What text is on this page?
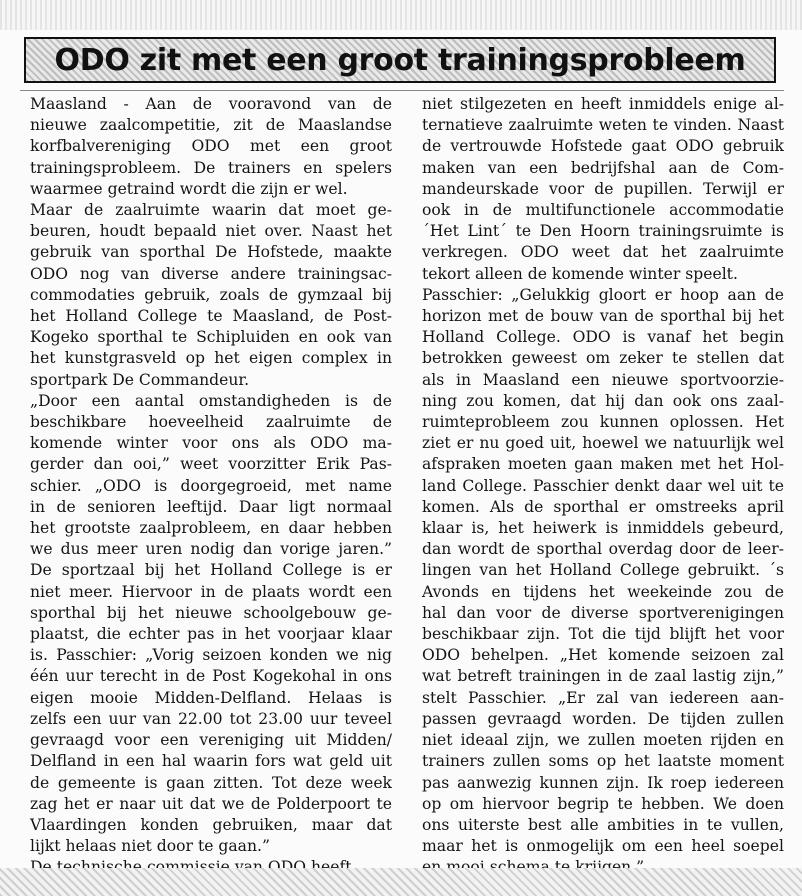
ODO zit met een groot trainingsprobleem
Maasland - Aan de vooravond van de
nieuwe zaalcompetitie, zit de Maaslandse
korfbalvereniging ODO met een groot
trainingsprobleem. De trainers en spelers
waarmee getraind wordt die zijn er wel.
Maar de zaalruimte waarin dat moet ge-
beuren, houdt bepaald niet over. Naast het
gebruik van sporthal De Hofstede, maakte
ODO nog van diverse andere trainingsac-
commodaties gebruik, zoals de gymzaal bij
het Holland College te Maasland, de Post-
Kogeko sporthal te Schipluiden en ook van
het kunstgrasveld op het eigen complex in
sportpark De Commandeur.
„Door een aantal omstandigheden is de
beschikbare hoeveelheid zaalruimte de
komende winter voor ons als ODO ma-
gerder dan ooi,” weet voorzitter Erik Pas-
schier. „ODO is doorgegroeid, met name
in de senioren leeftijd. Daar ligt normaal
het grootste zaalprobleem, en daar hebben
we dus meer uren nodig dan vorige jaren.”
De sportzaal bij het Holland College is er
niet meer. Hiervoor in de plaats wordt een
sporthal bij het nieuwe schoolgebouw ge-
plaatst, die echter pas in het voorjaar klaar
is. Passchier: „Vorig seizoen konden we nig
één uur terecht in de Post Kogekohal in ons
eigen mooie Midden-Delfland. Helaas is
zelfs een uur van 22.00 tot 23.00 uur teveel
gevraagd voor een vereniging uit Midden/
Delfland in een hal waarin fors wat geld uit
de gemeente is gaan zitten. Tot deze week
zag het er naar uit dat we de Polderpoort te
Vlaardingen konden gebruiken, maar dat
lijkt helaas niet door te gaan.”
niet stilgezeten en heeft inmiddels enige al-
ternatieve zaalruimte weten te vinden. Naast
de vertrouwde Hofstede gaat ODO gebruik
maken van een bedrijfshal aan de Com-
mandeurskade voor de pupillen. Terwijl er
ook in de multifunctionele accommodatie
´Het Lint´ te Den Hoorn trainingsruimte is
verkregen. ODO weet dat het zaalruimte
tekort alleen de komende winter speelt.
Passchier: „Gelukkig gloort er hoop aan de
horizon met de bouw van de sporthal bij het
Holland College. ODO is vanaf het begin
betrokken geweest om zeker te stellen dat
als in Maasland een nieuwe sportvoorzie-
ning zou komen, dat hij dan ook ons zaal-
ruimteprobleem zou kunnen oplossen. Het
ziet er nu goed uit, hoewel we natuurlijk wel
afspraken moeten gaan maken met het Hol-
land College. Passchier denkt daar wel uit te
komen. Als de sporthal er omstreeks april
klaar is, het heiwerk is inmiddels gebeurd,
dan wordt de sporthal overdag door de leer-
lingen van het Holland College gebruikt. ´s
Avonds en tijdens het weekeinde zou de
hal dan voor de diverse sportverenigingen
beschikbaar zijn. Tot die tijd blijft het voor
ODO behelpen. „Het komende seizoen zal
wat betreft trainingen in de zaal lastig zijn,”
stelt Passchier. „Er zal van iedereen aan-
passen gevraagd worden. De tijden zullen
niet ideaal zijn, we zullen moeten rijden en
trainers zullen soms op het laatste moment
pas aanwezig kunnen zijn. Ik roep iedereen
op om hiervoor begrip te hebben. We doen
ons uiterste best alle ambities in te vullen,
maar het is onmogelijk om een heel soepel
